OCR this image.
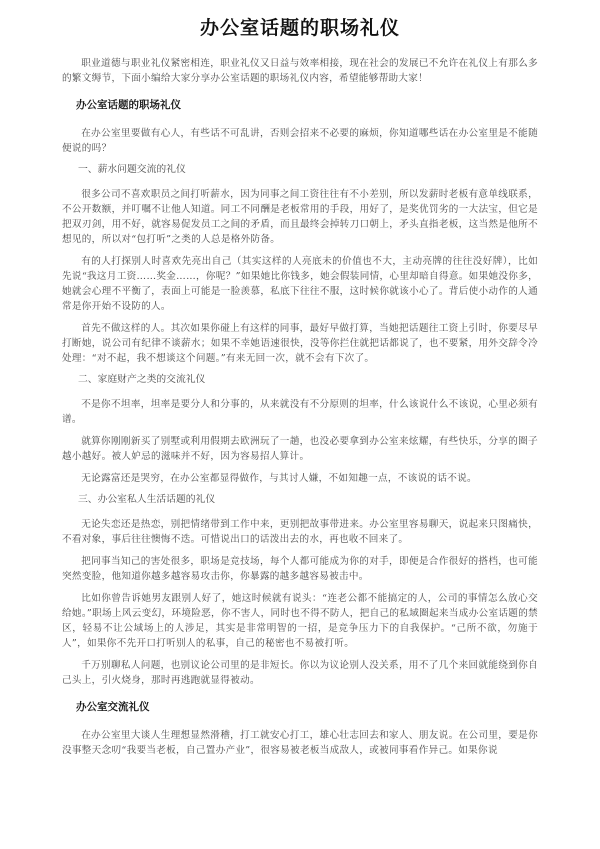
办公室话题的职场礼仪

职业道德与职业礼仪紧密相连，职业礼仪又日益与效率相接，现在社会的发展已不允许在礼仪上有那么多的繁文缛节，下面小编给大家分享办公室话题的职场礼仪内容，希望能够帮助大家！

办公室话题的职场礼仪

在办公室里要做有心人，有些话不可乱讲，否则会招来不必要的麻烦，你知道哪些话在办公室里是不能随便说的吗？

一、薪水问题交流的礼仪

很多公司不喜欢职员之间打听薪水，因为同事之间工资往往有不小差别，所以发薪时老板有意单线联系，不公开数额，并叮嘱不让他人知道。同工不同酬是老板常用的手段，用好了，是奖优罚劣的一大法宝，但它是把双刃剑，用不好，就容易促发员工之间的矛盾，而且最终会掉转刀口朝上，矛头直指老板，这当然是他所不想见的，所以对“包打听”之类的人总是格外防备。

有的人打探别人时喜欢先亮出自己（其实这样的人亮底未的价值也不大，主动亮牌的往往没好牌），比如先说“我这月工资……奖金……，你呢？”如果她比你钱多，她会假装同情，心里却暗自得意。如果她没你多，她就会心理不平衡了，表面上可能是一脸羡慕，私底下往往不服，这时候你就该小心了。背后使小动作的人通常是你开始不设防的人。

首先不做这样的人。其次如果你碰上有这样的同事，最好早做打算，当她把话题往工资上引时，你要尽早打断她，说公司有纪律不谈薪水；如果不幸她语速很快，没等你拦住就把话都说了，也不要紧，用外交辞令冷处理：“对不起，我不想谈这个问题。”有来无回一次，就不会有下次了。

二、家庭财产之类的交流礼仪

不是你不坦率，坦率是要分人和分事的，从来就没有不分原则的坦率，什么该说什么不该说，心里必须有谱。

就算你刚刚新买了别墅或利用假期去欧洲玩了一趟，也没必要拿到办公室来炫耀，有些快乐，分享的圈子越小越好。被人妒忌的滋味并不好，因为容易招人算计。

无论露富还是哭穷，在办公室都显得做作，与其讨人嫌，不如知趣一点，不该说的话不说。

三、办公室私人生活话题的礼仪

无论失恋还是热恋，别把情绪带到工作中来，更别把故事带进来。办公室里容易聊天，说起来只图痛快，不看对象，事后往往懊悔不迭。可惜说出口的话泼出去的水，再也收不回来了。

把同事当知己的害处很多，职场是竞技场，每个人都可能成为你的对手，即便是合作很好的搭档，也可能突然变脸，他知道你越多越容易攻击你，你暴露的越多越容易被击中。

比如你曾告诉她男友跟别人好了，她这时候就有说头：“连老公都不能搞定的人，公司的事情怎么放心交给她。”职场上风云变幻，环境险恶，你不害人，同时也不得不防人，把自己的私域圈起来当成办公室话题的禁区，轻易不让公域场上的人涉足，其实是非常明智的一招，是竞争压力下的自我保护。“己所不欲，勿施于人”，如果你不先开口打听别人的私事，自己的秘密也不易被打听。

千万别聊私人问题，也别议论公司里的是非短长。你以为议论别人没关系，用不了几个来回就能绕到你自己头上，引火烧身，那时再逃跑就显得被动。

办公室交流礼仪

在办公室里大谈人生理想显然滑稽，打工就安心打工，雄心壮志回去和家人、朋友说。在公司里，要是你没事整天念叨“我要当老板，自己置办产业”，很容易被老板当成敌人，或被同事看作异己。如果你说
